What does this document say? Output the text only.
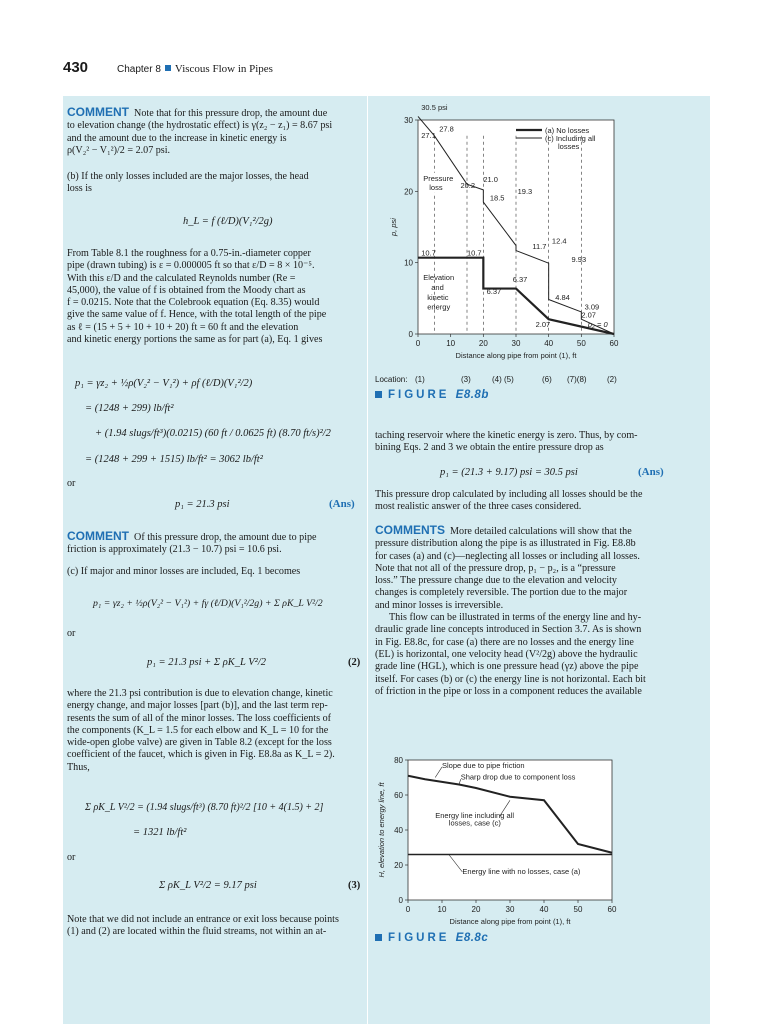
430	Chapter 8 Viscous Flow in Pipes

COMMENT Note that for this pressure drop, the amount due

to elevation change (the hydrostatic effect) is γ(z₂ − z₁) = 8.67 psi

and the amount due to the increase in kinetic energy is

ρ(V₂² − V₁²)/2 = 2.07 psi.

(b) If the only losses included are the major losses, the head

loss is

h_L = f (ℓ/D)(V₁²/2g)

From Table 8.1 the roughness for a 0.75-in.-diameter copper

pipe (drawn tubing) is ε = 0.000005 ft so that ε/D = 8 × 10⁻⁵.

With this ε/D and the calculated Reynolds number (Re =

45,000), the value of f is obtained from the Moody chart as

f = 0.0215. Note that the Colebrook equation (Eq. 8.35) would

give the same value of f. Hence, with the total length of the pipe

as ℓ = (15 + 5 + 10 + 10 + 20) ft = 60 ft and the elevation

and kinetic energy portions the same as for part (a), Eq. 1 gives

p₁ = γz₂ + ½ρ(V₂² − V₁²) + ρf (ℓ/D)(V₁²/2)
= (1248 + 299) lb/ft²
+ (1.94 slugs/ft³)(0.0215) (60 ft / 0.0625 ft) (8.70 ft/s)²/2
= (1248 + 299 + 1515) lb/ft² = 3062 lb/ft²
or
p₁ = 21.3 psi	(Ans)

COMMENT Of this pressure drop, the amount due to pipe

friction is approximately (21.3 − 10.7) psi = 10.6 psi.

(c) If major and minor losses are included, Eq. 1 becomes

p₁ = γz₂ + ½ρ(V₂² − V₁²) + fγ (ℓ/D)(V₁²/2g) + Σ ρK_L V²/2
or
p₁ = 21.3 psi + Σ ρK_L V²/2	(2)

where the 21.3 psi contribution is due to elevation change, kinetic

energy change, and major losses [part (b)], and the last term rep-

resents the sum of all of the minor losses. The loss coefficients of

the components (K_L = 1.5 for each elbow and K_L = 10 for the

wide-open globe valve) are given in Table 8.2 (except for the loss

coefficient of the faucet, which is given in Fig. E8.8a as K_L = 2).

Thus,

Σ ρK_L V²/2 = (1.94 slugs/ft³) (8.70 ft)²/2 [10 + 4(1.5) + 2]
= 1321 lb/ft²
or
Σ ρK_L V²/2 = 9.17 psi	(3)

Note that we did not include an entrance or exit loss because points

(1) and (2) are located within the fluid streams, not within an at-

0	10	20	30	40	50	60
0
10
20
30
Distance along pipe from point (1), ft
p, psi
(a) No losses
(c) Including all
losses
Pressure
loss
Elevation
and
kinetic
energy
p₂ = 0
30.5 psi
27.8
27.1
21.0
20.2
19.3
18.5
12.4
11.7
9.93
10.7	10.7
6.37
6.37
4.84
3.09
2.07
2.07
Location: (1)	(3)	(4) (5)	(6) (7)(8)	(2)
FIGURE E8.8b

taching reservoir where the kinetic energy is zero. Thus, by com-

bining Eqs. 2 and 3 we obtain the entire pressure drop as

p₁ = (21.3 + 9.17) psi = 30.5 psi	(Ans)

This pressure drop calculated by including all losses should be the

most realistic answer of the three cases considered.

COMMENTS More detailed calculations will show that the

pressure distribution along the pipe is as illustrated in Fig. E8.8b

for cases (a) and (c)—neglecting all losses or including all losses.

Note that not all of the pressure drop, p₁ − p₂, is a “pressure

loss.” The pressure change due to the elevation and velocity

changes is completely reversible. The portion due to the major

and minor losses is irreversible.

This flow can be illustrated in terms of the energy line and hy-

draulic grade line concepts introduced in Section 3.7. As is shown

in Fig. E8.8c, for case (a) there are no losses and the energy line

(EL) is horizontal, one velocity head (V²/2g) above the hydraulic

grade line (HGL), which is one pressure head (γz) above the pipe

itself. For cases (b) or (c) the energy line is not horizontal. Each bit

of friction in the pipe or loss in a component reduces the available

0	10	20	30	40	50	60
0
20
40
60
80
Distance along pipe from point (1), ft
H, elevation to energy line, ft
Slope due to pipe friction
Sharp drop due to component loss
Energy line including all
losses, case (c)
Energy line with no losses, case (a)
FIGURE E8.8c
